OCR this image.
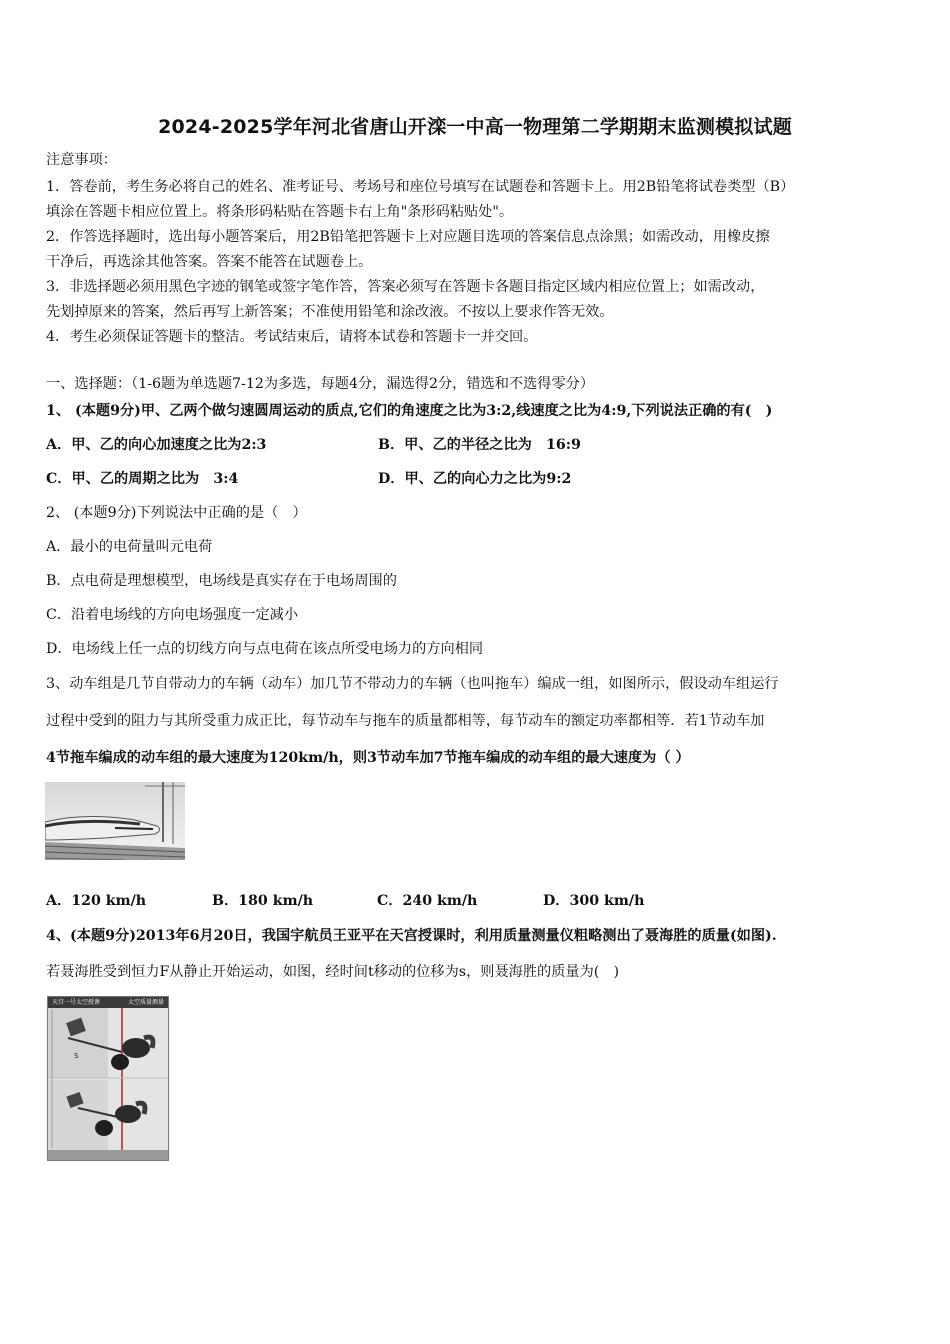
2024-2025学年河北省唐山开滦一中高一物理第二学期期末监测模拟试题
注意事项：
1．答卷前，考生务必将自己的姓名、准考证号、考场号和座位号填写在试题卷和答题卡上。用2B铅笔将试卷类型（B）
填涂在答题卡相应位置上。将条形码粘贴在答题卡右上角"条形码粘贴处"。
2．作答选择题时，选出每小题答案后，用2B铅笔把答题卡上对应题目选项的答案信息点涂黑；如需改动，用橡皮擦
干净后，再选涂其他答案。答案不能答在试题卷上。
3．非选择题必须用黑色字迹的钢笔或签字笔作答，答案必须写在答题卡各题目指定区域内相应位置上；如需改动，
先划掉原来的答案，然后再写上新答案；不准使用铅笔和涂改液。不按以上要求作答无效。
4．考生必须保证答题卡的整洁。考试结束后，请将本试卷和答题卡一并交回。
一、选择题：（1-6题为单选题7-12为多选，每题4分，漏选得2分，错选和不选得零分）
1、 (本题9分)甲、乙两个做匀速圆周运动的质点,它们的角速度之比为3:2,线速度之比为4:9,下列说法正确的有(　)
A．甲、乙的向心加速度之比为2:3	B．甲、乙的半径之比为　16:9
C．甲、乙的周期之比为　3:4	D．甲、乙的向心力之比为9:2
2、 (本题9分)下列说法中正确的是（　）
A．最小的电荷量叫元电荷
B．点电荷是理想模型，电场线是真实存在于电场周围的
C．沿着电场线的方向电场强度一定减小
D．电场线上任一点的切线方向与点电荷在该点所受电场力的方向相同
3、动车组是几节自带动力的车辆（动车）加几节不带动力的车辆（也叫拖车）编成一组，如图所示，假设动车组运行
过程中受到的阻力与其所受重力成正比，每节动车与拖车的质量都相等，每节动车的额定功率都相等．若1节动车加
4节拖车编成的动车组的最大速度为120km/h，则3节动车加7节拖车编成的动车组的最大速度为（ ）
A．120 km/h	B．180 km/h	C．240 km/h	D．300 km/h
4、(本题9分)2013年6月20日，我国宇航员王亚平在天宫授课时，利用质量测量仪粗略测出了聂海胜的质量(如图).
若聂海胜受到恒力F从静止开始运动，如图，经时间t移动的位移为s，则聂海胜的质量为(　)
天宫一号太空授课	太空质量测量
S
